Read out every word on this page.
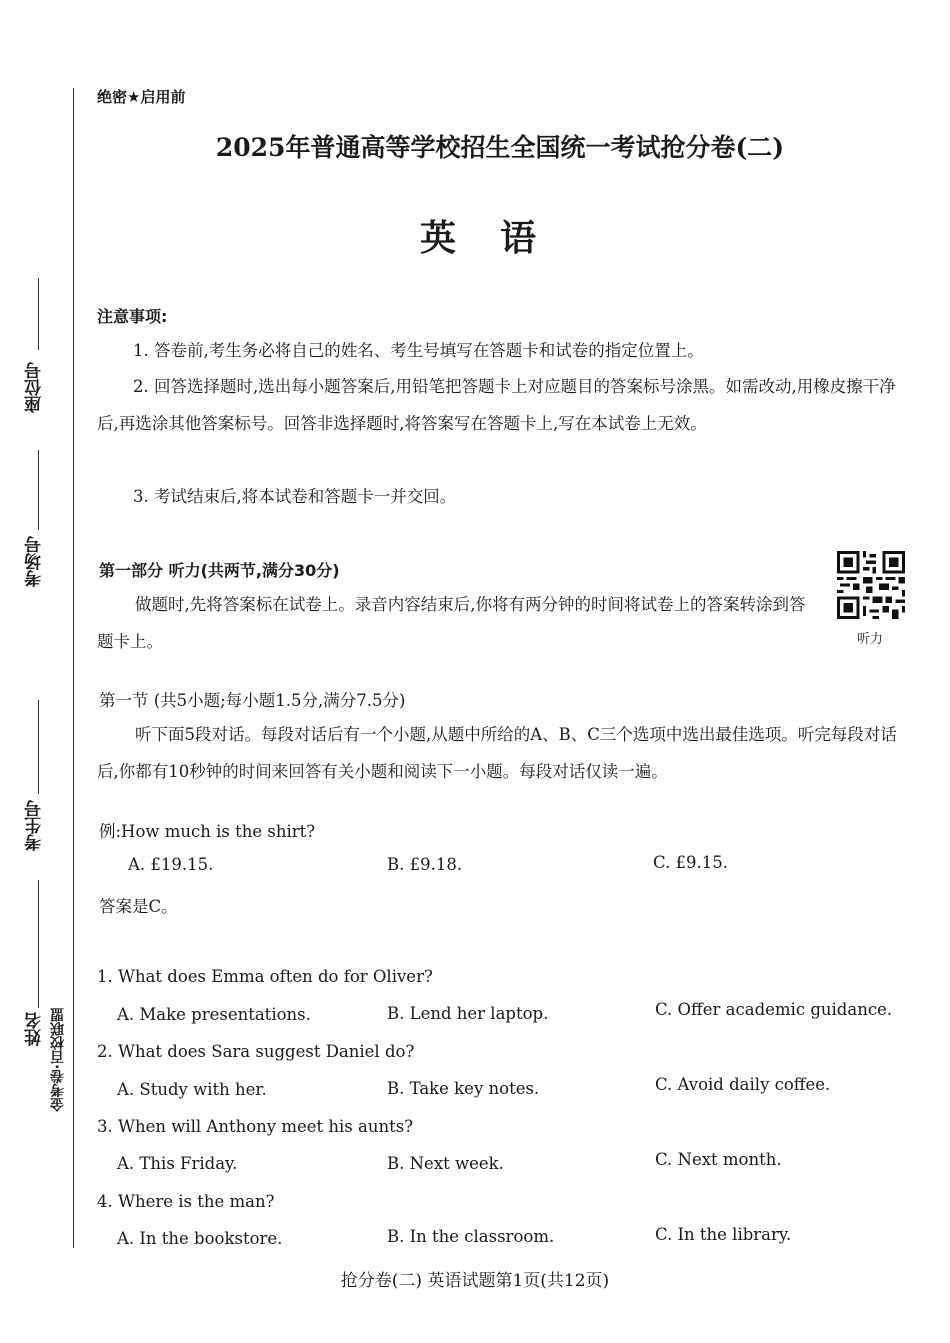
座位号
考场号
考生号
姓名 金考卷·百校联盟
绝密★启用前
2025年普通高等学校招生全国统一考试抢分卷(二)
英语
注意事项:
1. 答卷前,考生务必将自己的姓名、考生号填写在答题卡和试卷的指定位置上。
2. 回答选择题时,选出每小题答案后,用铅笔把答题卡上对应题目的答案标号涂黑。如需改动,用橡皮擦干净后,再选涂其他答案标号。回答非选择题时,将答案写在答题卡上,写在本试卷上无效。
3. 考试结束后,将本试卷和答题卡一并交回。
第一部分 听力(共两节,满分30分)
做题时,先将答案标在试卷上。录音内容结束后,你将有两分钟的时间将试卷上的答案转涂到答题卡上。	听力
第一节 (共5小题;每小题1.5分,满分7.5分)
听下面5段对话。每段对话后有一个小题,从题中所给的A、B、C三个选项中选出最佳选项。听完每段对话后,你都有10秒钟的时间来回答有关小题和阅读下一小题。每段对话仅读一遍。
例:How much is the shirt?
A. £19.15.	B. £9.18.	C. £9.15.
答案是C。
1. What does Emma often do for Oliver?
A. Make presentations.	B. Lend her laptop.	C. Offer academic guidance.
2. What does Sara suggest Daniel do?
A. Study with her.	B. Take key notes.	C. Avoid daily coffee.
3. When will Anthony meet his aunts?
A. This Friday.	B. Next week.	C. Next month.
4. Where is the man?
A. In the bookstore.	B. In the classroom.	C. In the library.
抢分卷(二) 英语试题第1页(共12页)
